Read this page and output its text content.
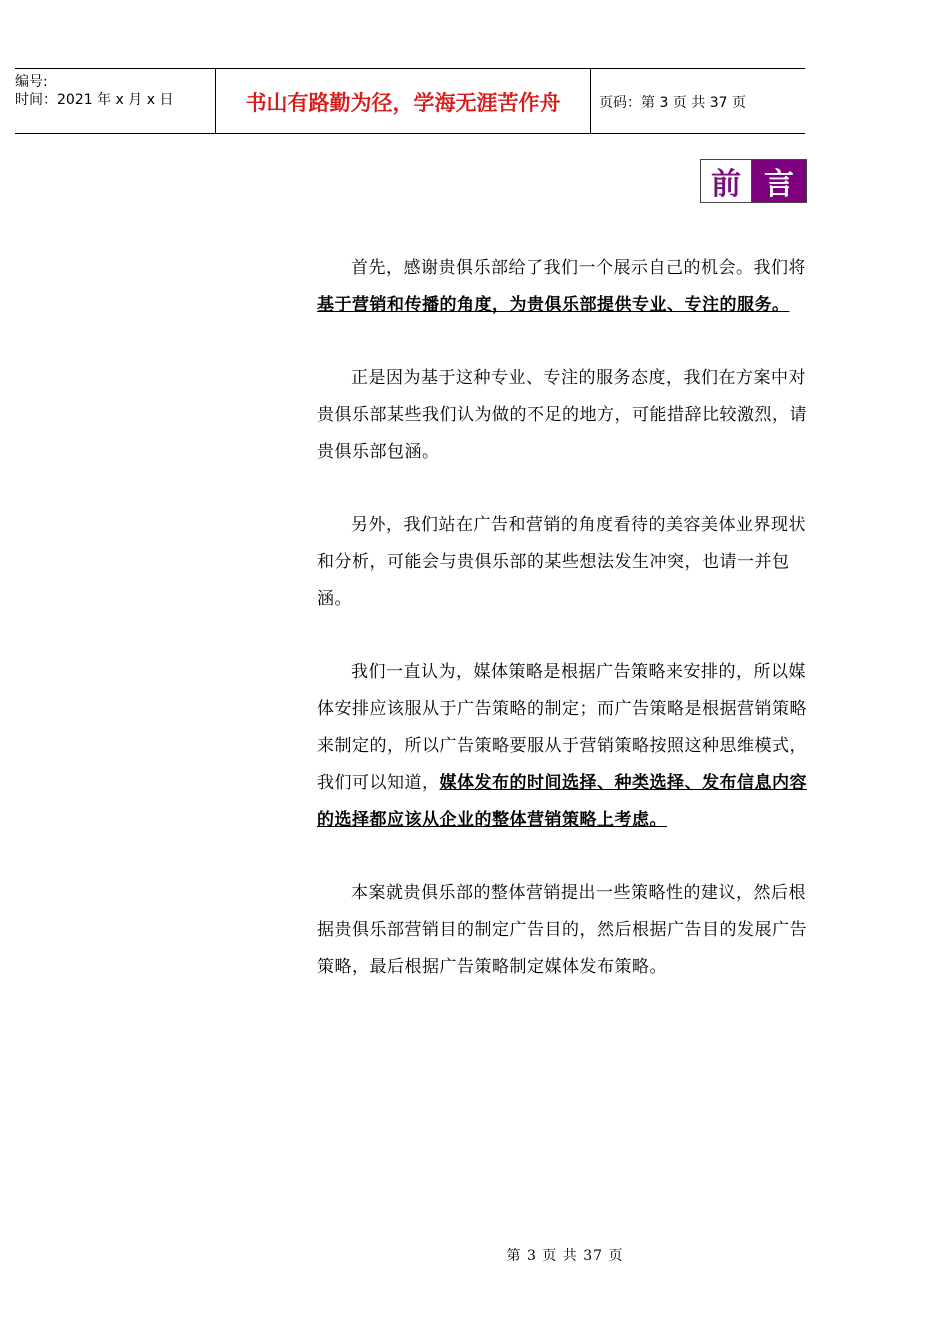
编号:
时间：2021 年 x 月 x 日	书山有路勤为径，学海无涯苦作舟	页码：第 3 页 共 37 页
前 言

首先，感谢贵俱乐部给了我们一个展示自己的机会。我们将基于营销和传播的角度，为贵俱乐部提供专业、专注的服务。

正是因为基于这种专业、专注的服务态度，我们在方案中对贵俱乐部某些我们认为做的不足的地方，可能措辞比较激烈，请贵俱乐部包涵。

另外，我们站在广告和营销的角度看待的美容美体业界现状和分析，可能会与贵俱乐部的某些想法发生冲突，也请一并包涵。

我们一直认为，媒体策略是根据广告策略来安排的，所以媒体安排应该服从于广告策略的制定；而广告策略是根据营销策略来制定的，所以广告策略要服从于营销策略按照这种思维模式，我们可以知道，媒体发布的时间选择、种类选择、发布信息内容的选择都应该从企业的整体营销策略上考虑。

本案就贵俱乐部的整体营销提出一些策略性的建议，然后根据贵俱乐部营销目的制定广告目的，然后根据广告目的发展广告策略，最后根据广告策略制定媒体发布策略。

第 3 页 共 37 页
